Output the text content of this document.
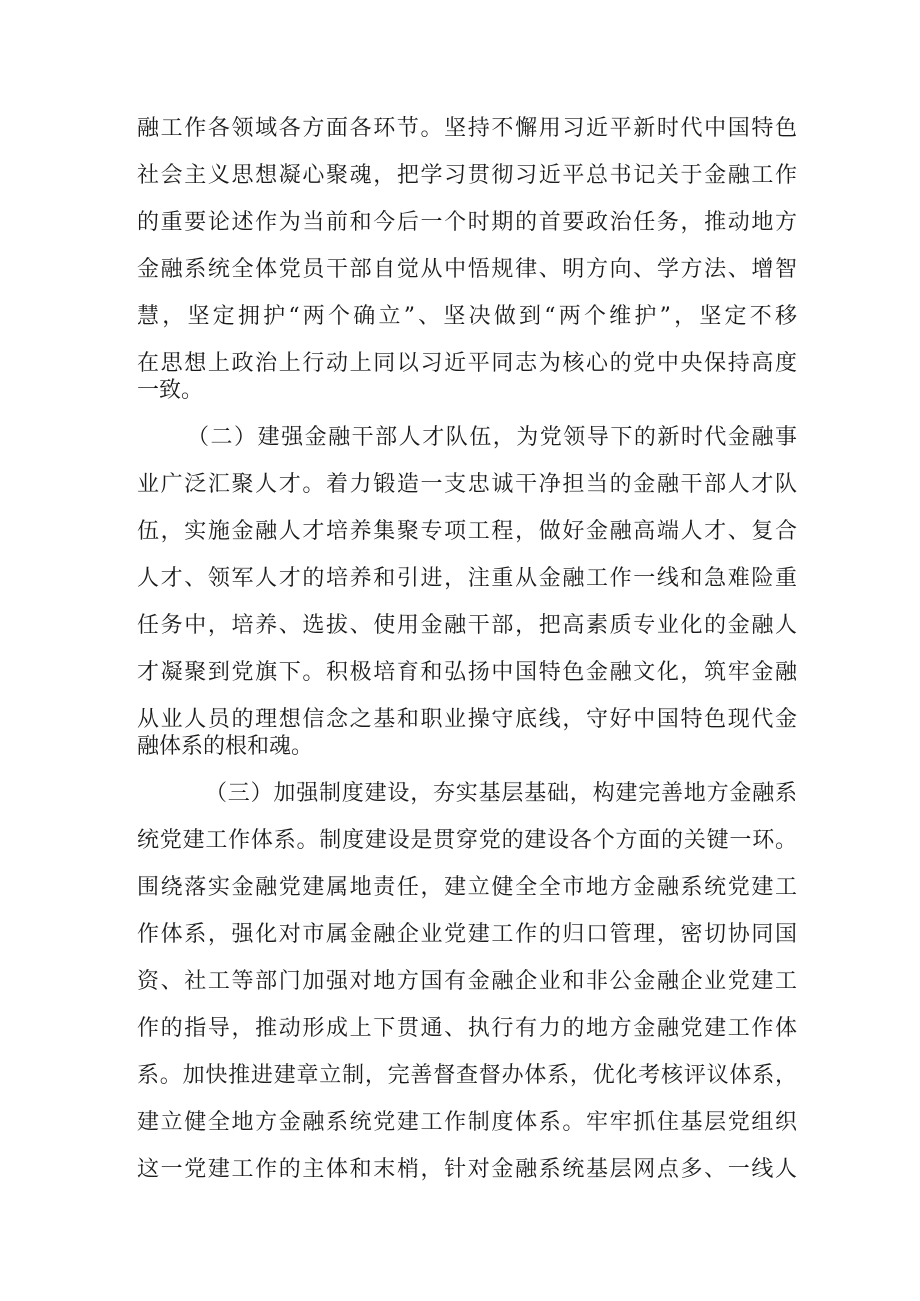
融工作各领域各方面各环节。坚持不懈用习近平新时代中国特色
社会主义思想凝心聚魂，把学习贯彻习近平总书记关于金融工作
的重要论述作为当前和今后一个时期的首要政治任务，推动地方
金融系统全体党员干部自觉从中悟规律、明方向、学方法、增智
慧，坚定拥护“两个确立”、坚决做到“两个维护”，坚定不移
在思想上政治上行动上同以习近平同志为核心的党中央保持高度
一致。
（二）建强金融干部人才队伍，为党领导下的新时代金融事
业广泛汇聚人才。着力锻造一支忠诚干净担当的金融干部人才队
伍，实施金融人才培养集聚专项工程，做好金融高端人才、复合
人才、领军人才的培养和引进，注重从金融工作一线和急难险重
任务中，培养、选拔、使用金融干部，把高素质专业化的金融人
才凝聚到党旗下。积极培育和弘扬中国特色金融文化，筑牢金融
从业人员的理想信念之基和职业操守底线，守好中国特色现代金
融体系的根和魂。
（三）加强制度建设，夯实基层基础，构建完善地方金融系
统党建工作体系。制度建设是贯穿党的建设各个方面的关键一环。
围绕落实金融党建属地责任，建立健全全市地方金融系统党建工
作体系，强化对市属金融企业党建工作的归口管理，密切协同国
资、社工等部门加强对地方国有金融企业和非公金融企业党建工
作的指导，推动形成上下贯通、执行有力的地方金融党建工作体
系。加快推进建章立制，完善督查督办体系，优化考核评议体系，
建立健全地方金融系统党建工作制度体系。牢牢抓住基层党组织
这一党建工作的主体和末梢，针对金融系统基层网点多、一线人
